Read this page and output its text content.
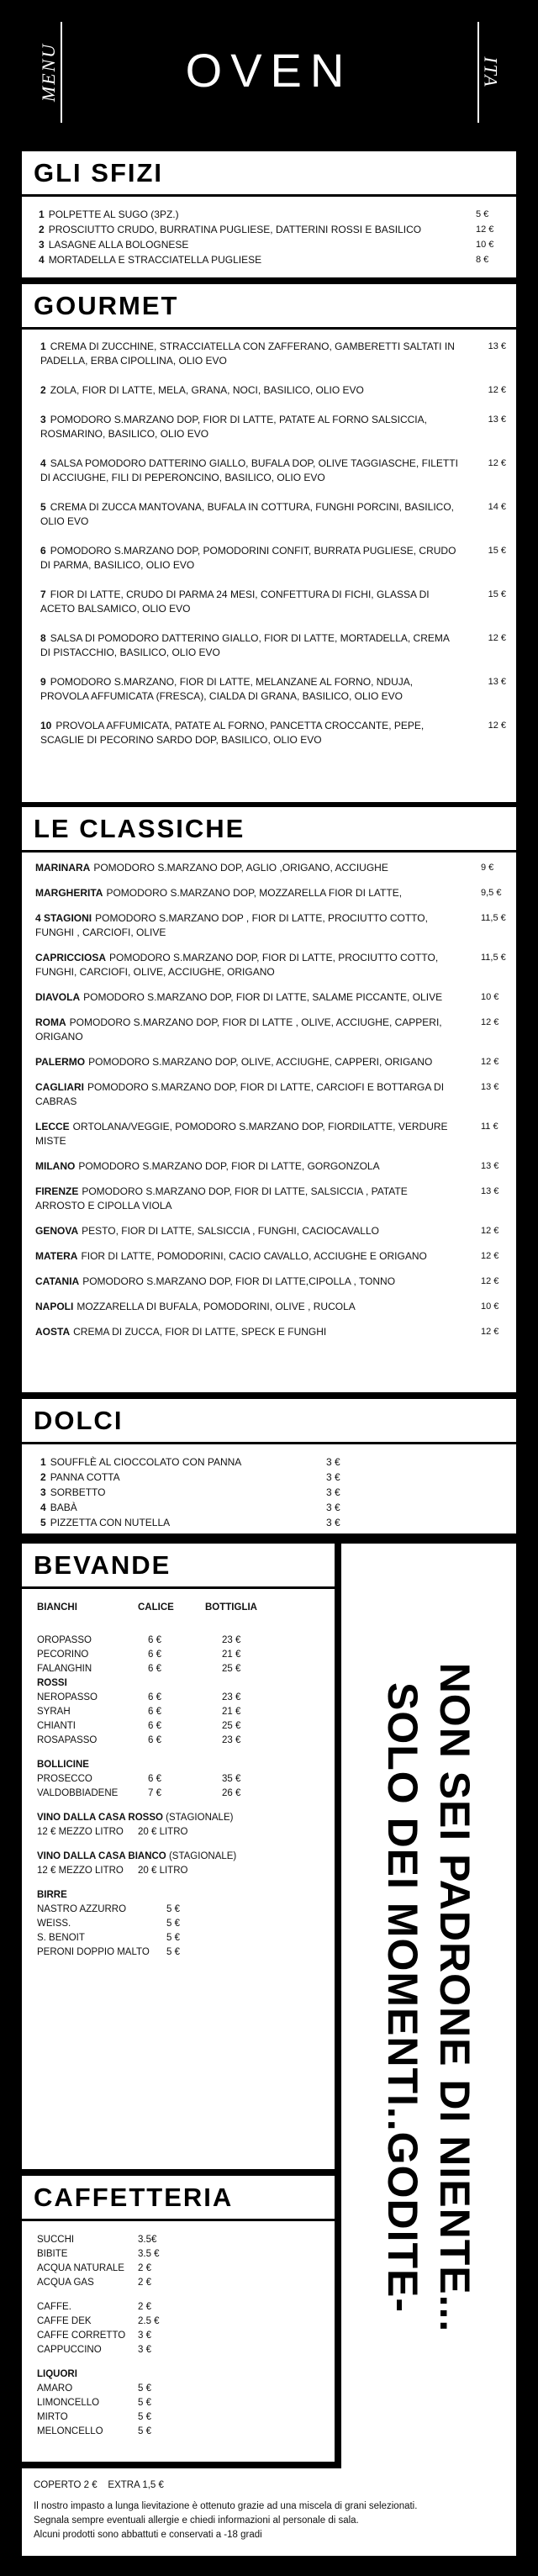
MENU	OVEN	ITA
GLI SFIZI
1 POLPETTE AL SUGO (3PZ.)	5 €
2 PROSCIUTTO CRUDO, BURRATINA PUGLIESE, DATTERINI ROSSI E BASILICO	12 €
3 LASAGNE ALLA BOLOGNESE	10 €
4 MORTADELLA E STRACCIATELLA PUGLIESE	8 €
GOURMET
1 CREMA DI ZUCCHINE, STRACCIATELLA CON ZAFFERANO, GAMBERETTI SALTATI IN PADELLA, ERBA CIPOLLINA, OLIO EVO
13 €
2 ZOLA, FIOR DI LATTE, MELA, GRANA, NOCI, BASILICO, OLIO EVO	12 €
3 POMODORO S.MARZANO DOP, FIOR DI LATTE, PATATE AL FORNO SALSICCIA, ROSMARINO, BASILICO, OLIO EVO
13 €
4 SALSA POMODORO DATTERINO GIALLO, BUFALA DOP, OLIVE TAGGIASCHE, FILETTI DI ACCIUGHE, FILI DI PEPERONCINO, BASILICO, OLIO EVO
12 €
5 CREMA DI ZUCCA MANTOVANA, BUFALA IN COTTURA, FUNGHI PORCINI, BASILICO, OLIO EVO
14 €
6 POMODORO S.MARZANO DOP, POMODORINI CONFIT, BURRATA PUGLIESE, CRUDO DI PARMA, BASILICO, OLIO EVO
15 €
7 FIOR DI LATTE, CRUDO DI PARMA 24 MESI, CONFETTURA DI FICHI, GLASSA DI ACETO BALSAMICO, OLIO EVO
15 €
8 SALSA DI POMODORO DATTERINO GIALLO, FIOR DI LATTE, MORTADELLA, CREMA DI PISTACCHIO, BASILICO, OLIO EVO
12 €
9 POMODORO S.MARZANO, FIOR DI LATTE, MELANZANE AL FORNO, NDUJA, PROVOLA AFFUMICATA (FRESCA), CIALDA DI GRANA, BASILICO, OLIO EVO
13 €
10 PROVOLA AFFUMICATA, PATATE AL FORNO, PANCETTA CROCCANTE, PEPE, SCAGLIE DI PECORINO SARDO DOP, BASILICO, OLIO EVO
12 €
LE CLASSICHE
MARINARA POMODORO S.MARZANO DOP, AGLIO ,ORIGANO, ACCIUGHE	9 €
MARGHERITA POMODORO S.MARZANO DOP, MOZZARELLA FIOR DI LATTE,	9,5 €
4 STAGIONI POMODORO S.MARZANO DOP , FIOR DI LATTE, PROCIUTTO COTTO, FUNGHI , CARCIOFI, OLIVE
11,5 €
CAPRICCIOSA POMODORO S.MARZANO DOP, FIOR DI LATTE, PROCIUTTO COTTO, FUNGHI, CARCIOFI, OLIVE, ACCIUGHE, ORIGANO
11,5 €
DIAVOLA POMODORO S.MARZANO DOP, FIOR DI LATTE, SALAME PICCANTE, OLIVE	10 €
ROMA POMODORO S.MARZANO DOP, FIOR DI LATTE , OLIVE, ACCIUGHE, CAPPERI, ORIGANO
12 €
PALERMO POMODORO S.MARZANO DOP, OLIVE, ACCIUGHE, CAPPERI, ORIGANO	12 €
CAGLIARI POMODORO S.MARZANO DOP, FIOR DI LATTE, CARCIOFI E BOTTARGA DI CABRAS
13 €
LECCE ORTOLANA/VEGGIE, POMODORO S.MARZANO DOP, FIORDILATTE, VERDURE MISTE
11 €
MILANO POMODORO S.MARZANO DOP, FIOR DI LATTE, GORGONZOLA	13 €
FIRENZE POMODORO S.MARZANO DOP, FIOR DI LATTE, SALSICCIA , PATATE ARROSTO E CIPOLLA VIOLA
13 €
GENOVA PESTO, FIOR DI LATTE, SALSICCIA , FUNGHI, CACIOCAVALLO	12 €
MATERA FIOR DI LATTE, POMODORINI, CACIO CAVALLO, ACCIUGHE E ORIGANO	12 €
CATANIA POMODORO S.MARZANO DOP, FIOR DI LATTE,CIPOLLA , TONNO	12 €
NAPOLI MOZZARELLA DI BUFALA, POMODORINI, OLIVE , RUCOLA	10 €
AOSTA CREMA DI ZUCCA, FIOR DI LATTE, SPECK E FUNGHI	12 €
DOLCI
1 SOUFFLÈ AL CIOCCOLATO CON PANNA	3 €
2 PANNA COTTA	3 €
3 SORBETTO	3 €
4 BABÀ	3 €
5 PIZZETTA CON NUTELLA	3 €
BEVANDE
BIANCHI	CALICE	BOTTIGLIA
OROPASSO	6 €	23 €
PECORINO	6 €	21 €
FALANGHIN	6 €	25 €
ROSSI
NEROPASSO	6 €	23 €
SYRAH	6 €	21 €
CHIANTI	6 €	25 €
ROSAPASSO	6 €	23 €
BOLLICINE
PROSECCO	6 €	35 €
VALDOBBIADENE	7 €	26 €
VINO DALLA CASA ROSSO (STAGIONALE)
12 € MEZZO LITRO	20 € LITRO
VINO DALLA CASA BIANCO (STAGIONALE)
12 € MEZZO LITRO	20 € LITRO
BIRRE
NASTRO AZZURRO	5 €
WEISS.	5 €
S. BENOIT	5 €
PERONI DOPPIO MALTO	5 €
CAFFETTERIA
SUCCHI	3.5€
BIBITE	3.5 €
ACQUA NATURALE	2 €
ACQUA GAS	2 €
CAFFE.	2 €
CAFFE DEK	2.5 €
CAFFE CORRETTO	3 €
CAPPUCCINO	3 €
LIQUORI
AMARO	5 €
LIMONCELLO	5 €
MIRTO	5 €
MELONCELLO	5 €
NON SEI PADRONE DI NIENTE...
SOLO DEI MOMENTI..GODITE-
COPERTO 2 € EXTRA 1,5 €
Il nostro impasto a lunga lievitazione è ottenuto grazie ad una miscela di grani selezionati.
Segnala sempre eventuali allergie e chiedi informazioni al personale di sala.
Alcuni prodotti sono abbattuti e conservati a -18 gradi
